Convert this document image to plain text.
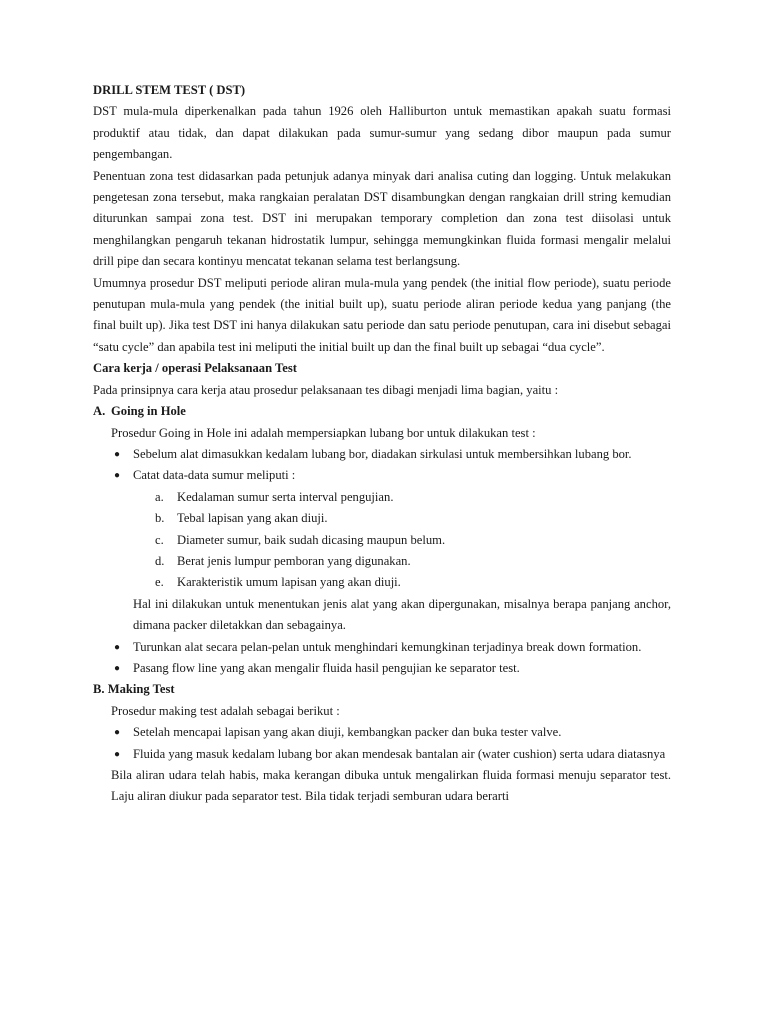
DRILL STEM TEST ( DST)

DST mula-mula diperkenalkan pada tahun 1926 oleh Halliburton untuk memastikan apakah suatu formasi produktif atau tidak, dan dapat dilakukan pada sumur-sumur yang sedang dibor maupun pada sumur pengembangan.

Penentuan zona test didasarkan pada petunjuk adanya minyak dari analisa cuting dan logging. Untuk melakukan pengetesan zona tersebut, maka rangkaian peralatan DST disambungkan dengan rangkaian drill string kemudian diturunkan sampai zona test. DST ini merupakan temporary completion dan zona test diisolasi untuk menghilangkan pengaruh tekanan hidrostatik lumpur, sehingga memungkinkan fluida formasi mengalir melalui drill pipe dan secara kontinyu mencatat tekanan selama test berlangsung.

Umumnya prosedur DST meliputi periode aliran mula-mula yang pendek (the initial flow periode), suatu periode penutupan mula-mula yang pendek (the initial built up), suatu periode aliran periode kedua yang panjang (the final built up). Jika test DST ini hanya dilakukan satu periode dan satu periode penutupan, cara ini disebut sebagai “satu cycle” dan apabila test ini meliputi the initial built up dan the final built up sebagai “dua cycle”.

Cara kerja / operasi Pelaksanaan Test

Pada prinsipnya cara kerja atau prosedur pelaksanaan tes dibagi menjadi lima bagian, yaitu :

A. Going in Hole

Prosedur Going in Hole ini adalah mempersiapkan lubang bor untuk dilakukan test :

● Sebelum alat dimasukkan kedalam lubang bor, diadakan sirkulasi untuk membersihkan lubang bor.
● Catat data-data sumur meliputi :
a. Kedalaman sumur serta interval pengujian.
b. Tebal lapisan yang akan diuji.
c. Diameter sumur, baik sudah dicasing maupun belum.
d. Berat jenis lumpur pemboran yang digunakan.
e. Karakteristik umum lapisan yang akan diuji.

Hal ini dilakukan untuk menentukan jenis alat yang akan dipergunakan, misalnya berapa panjang anchor, dimana packer diletakkan dan sebagainya.

● Turunkan alat secara pelan-pelan untuk menghindari kemungkinan terjadinya break down formation.
● Pasang flow line yang akan mengalir fluida hasil pengujian ke separator test.

B. Making Test

Prosedur making test adalah sebagai berikut :

● Setelah mencapai lapisan yang akan diuji, kembangkan packer dan buka tester valve.
● Fluida yang masuk kedalam lubang bor akan mendesak bantalan air (water cushion) serta udara diatasnya

Bila aliran udara telah habis, maka kerangan dibuka untuk mengalirkan fluida formasi menuju separator test. Laju aliran diukur pada separator test. Bila tidak terjadi semburan udara berarti
